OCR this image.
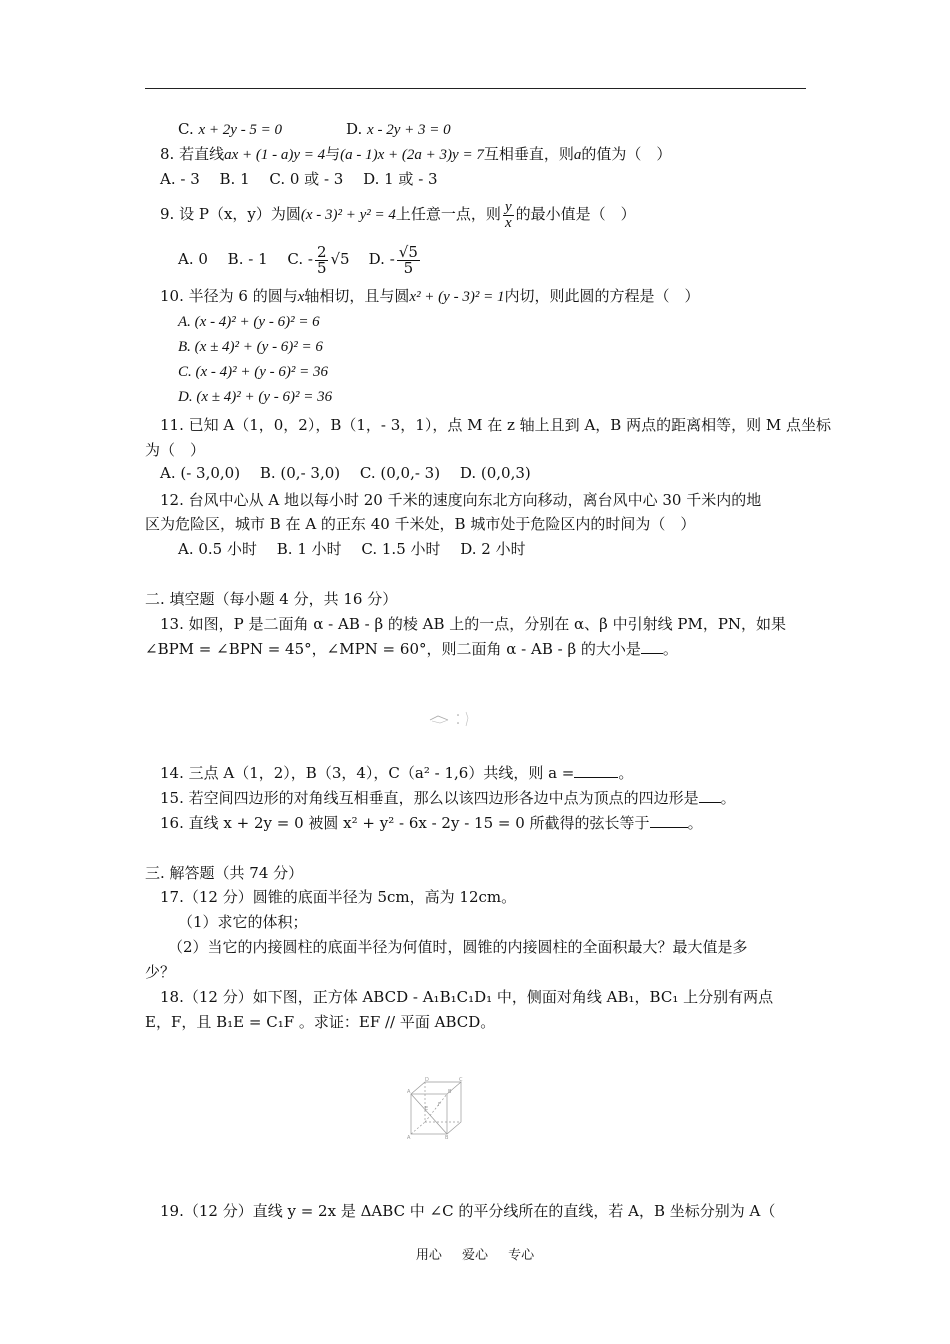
C. x + 2y - 5 = 0	D. x - 2y + 3 = 0
8. 若直线ax + (1 - a)y = 4与(a - 1)x + (2a + 3)y = 7互相垂直，则a的值为（　）
A. - 3　 B. 1　 C. 0 或 - 3　 D. 1 或 - 3
9. 设 P（x，y）为圆(x - 3)² + y² = 4上任意一点，则 $\frac{y}{x}$ 的最小值是（　）
A. 0　 B. - 1　 C. - $\frac{2}{5} √5$ D. - $\frac{√5}{5}$
10. 半径为 6 的圆与x轴相切，且与圆x² + (y - 3)² = 1内切，则此圆的方程是（　）
A. (x - 4)² + (y - 6)² = 6
B. (x ± 4)² + (y - 6)² = 6
C. (x - 4)² + (y - 6)² = 36
D. (x ± 4)² + (y - 6)² = 36
11. 已知 A（1，0，2），B（1，- 3，1），点 M 在 z 轴上且到 A，B 两点的距离相等，则 M 点坐标
为（　）
A. (- 3,0,0)　 B. (0,- 3,0)　 C. (0,0,- 3)　 D. (0,0,3)
12. 台风中心从 A 地以每小时 20 千米的速度向东北方向移动，离台风中心 30 千米内的地
区为危险区，城市 B 在 A 的正东 40 千米处，B 城市处于危险区内的时间为（　）
A. 0.5 小时　 B. 1 小时　 C. 1.5 小时　 D. 2 小时
二. 填空题（每小题 4 分，共 16 分）
13. 如图，P 是二面角 α - AB - β 的棱 AB 上的一点，分别在 α、β 中引射线 PM，PN，如果
∠BPM = ∠BPN = 45°，∠MPN = 60°，则二面角 α - AB - β 的大小是 。
14. 三点 A（1，2），B（3，4），C（a² - 1,6）共线，则 a =	。
15. 若空间四边形的对角线互相垂直，那么以该四边形各边中点为顶点的四边形是 。
16. 直线 x + 2y = 0 被圆 x² + y² - 6x - 2y - 15 = 0 所截得的弦长等于	。
三. 解答题（共 74 分）
17.（12 分）圆锥的底面半径为 5cm，高为 12cm。
（1）求它的体积；
（2）当它的内接圆柱的底面半径为何值时，圆锥的内接圆柱的全面积最大？最大值是多
少？
18.（12 分）如下图，正方体 ABCD - A₁B₁C₁D₁ 中，侧面对角线 AB₁，BC₁ 上分别有两点
E，F，且 B₁E = C₁F 。求证：EF // 平面 ABCD。
D	C
A	B
E
F
A	B
19.（12 分）直线 y = 2x 是 ΔABC 中 ∠C 的平分线所在的直线，若 A，B 坐标分别为 A（
用心 爱心 专心
